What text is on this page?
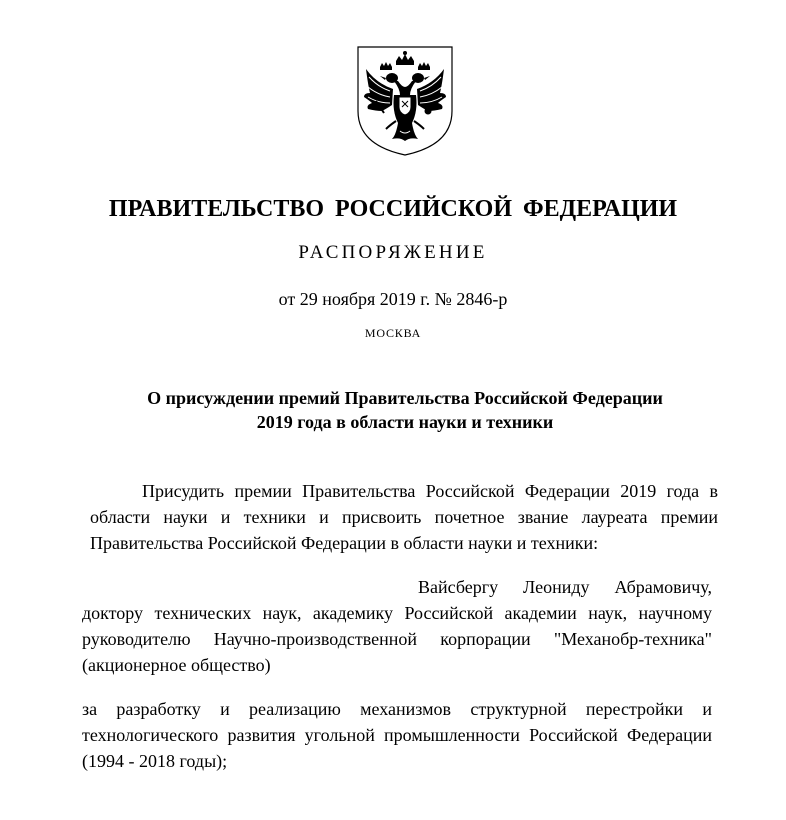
ПРАВИТЕЛЬСТВО РОССИЙСКОЙ ФЕДЕРАЦИИ
РАСПОРЯЖЕНИЕ
от 29 ноября 2019 г. № 2846-р
МОСКВА
О присуждении премий Правительства Российской Федерации
2019 года в области науки и техники
Присудить премии Правительства Российской Федерации 2019 года в области науки и техники и присвоить почетное звание лауреата премии Правительства Российской Федерации в области науки и техники:
Вайсбергу Леониду Абрамовичу, доктору технических наук, академику Российской академии наук, научному руководителю Научно-производственной корпорации "Механобр-техника" (акционерное общество)
за разработку и реализацию механизмов структурной перестройки и технологического развития угольной промышленности Российской Федерации (1994 - 2018 годы);
